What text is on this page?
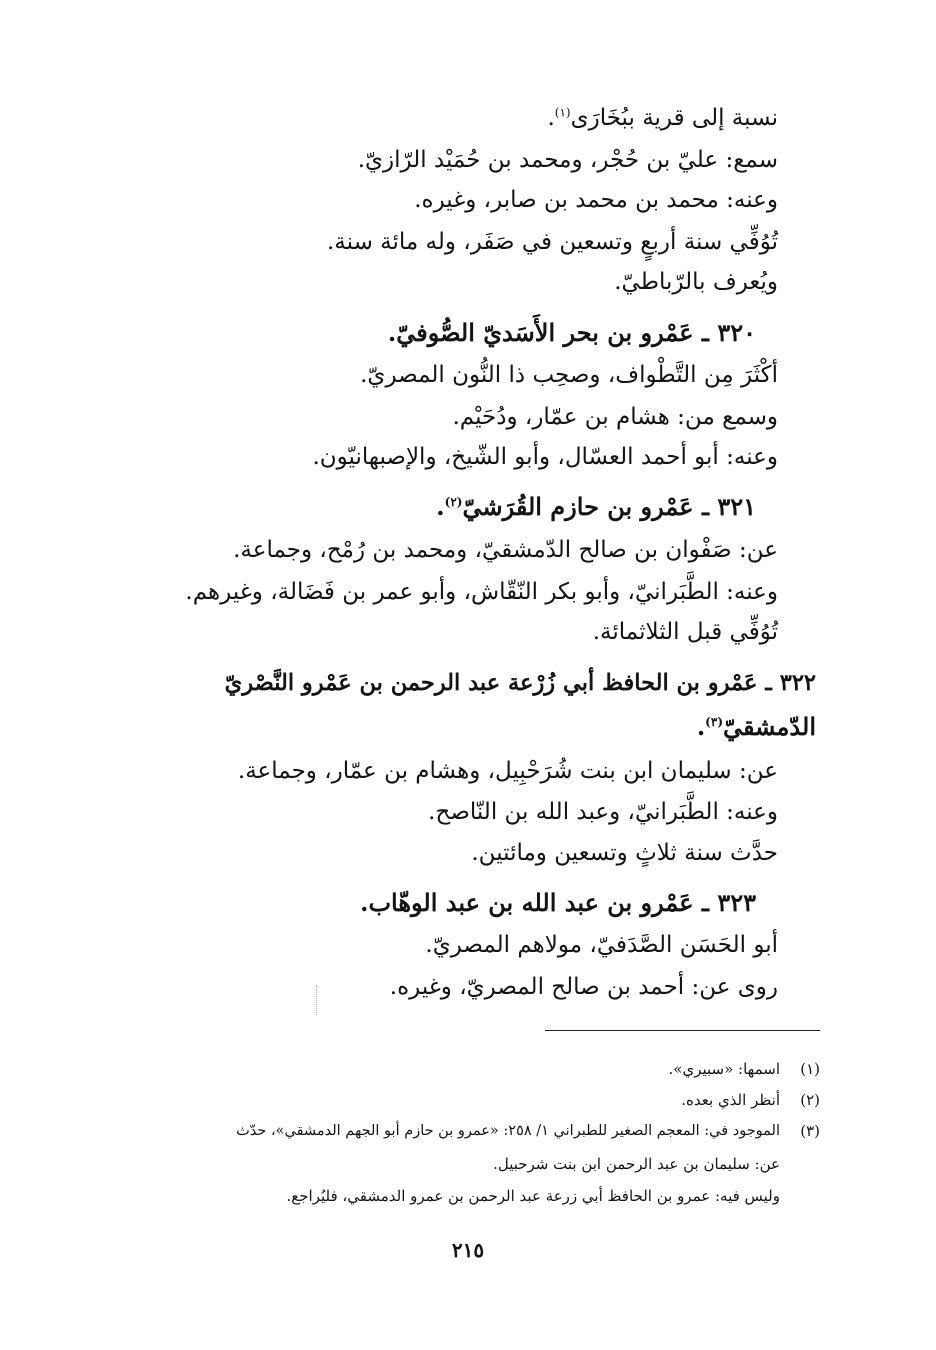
نسبة إلى قرية ببُخَارَى$^{(١)}$.
سمع: عليّ بن حُجْر، ومحمد بن حُمَيْد الرّازيّ.
وعنه: محمد بن محمد بن صابر، وغيره.
تُوُفِّي سنة أربعٍ وتسعين في صَفَر، وله مائة سنة.
ويُعرف بالرّباطيّ.
٣٢٠ ـ عَمْرو بن بحر الأَسَديّ الصُّوفيّ.
أكْثَرَ مِن التَّطْواف، وصحِب ذا النُّون المصريّ.
وسمع من: هشام بن عمّار، ودُحَيْم.
وعنه: أبو أحمد العسّال، وأبو الشّيخ، والإصبهانيّون.
٣٢١ ـ عَمْرو بن حازم القُرَشيّ$^{(٢)}$.
عن: صَفْوان بن صالح الدّمشقيّ، ومحمد بن رُمْح، وجماعة.
وعنه: الطَّبَرانيّ، وأبو بكر النّقّاش، وأبو عمر بن فَضَالة، وغيرهم.
تُوُفِّي قبل الثلاثمائة.
٣٢٢ ـ عَمْرو بن الحافظ أبي زُرْعة عبد الرحمن بن عَمْرو النَّصْريّ
الدّمشقيّ$^{(٣)}$.
عن: سليمان ابن بنت شُرَحْبِيل، وهشام بن عمّار، وجماعة.
وعنه: الطَّبَرانيّ، وعبد الله بن النّاصح.
حدَّث سنة ثلاثٍ وتسعين ومائتين.
٣٢٣ ـ عَمْرو بن عبد الله بن عبد الوهّاب.
أبو الحَسَن الصَّدَفيّ، مولاهم المصريّ.
روى عن: أحمد بن صالح المصريّ، وغيره.
(١)
اسمها: «سبيري».
(٢)
أنظر الذي بعده.
(٣)
الموجود في: المعجم الصغير للطبراني ١/ ٢٥٨: «عمرو بن حازم أبو الجهم الدمشقي»، حدّث
عن: سليمان بن عبد الرحمن ابن بنت شرحبيل.
وليس فيه: عمرو بن الحافظ أبي زرعة عبد الرحمن بن عمرو الدمشقي، فليُراجع.
٢١٥
